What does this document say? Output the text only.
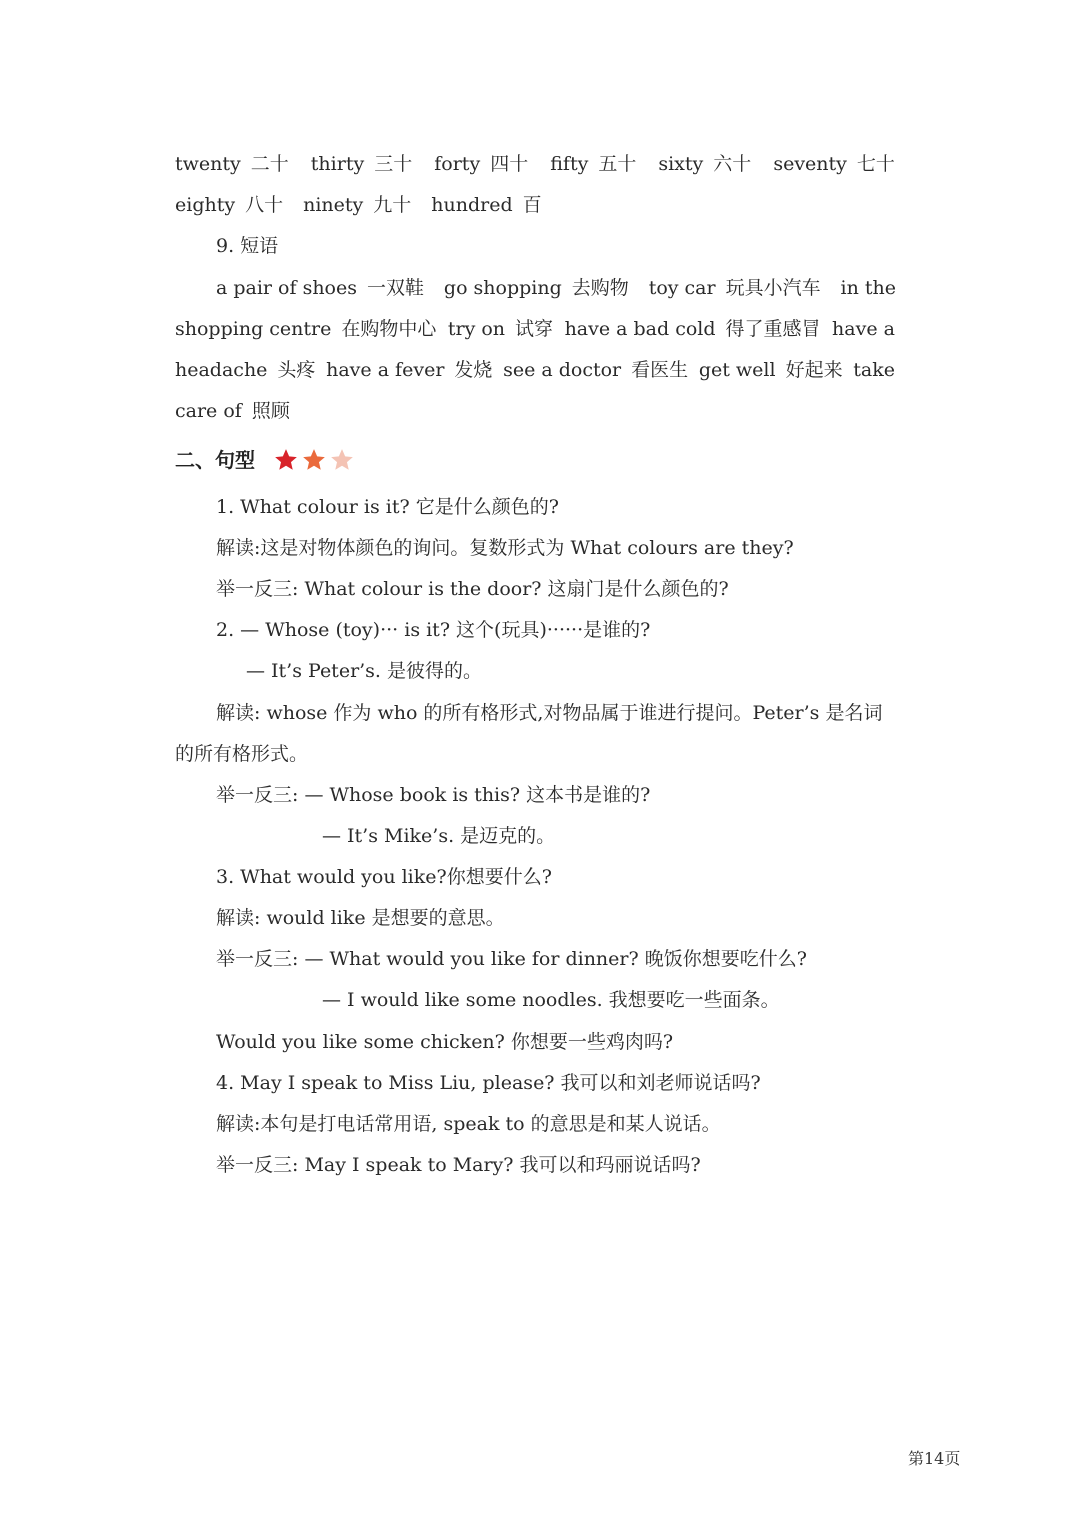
twenty 二十 thirty 三十 forty 四十 fifty 五十 sixty 六十 seventy 七十
eighty 八十 ninety 九十 hundred 百
9. 短语
a pair of shoes 一双鞋 go shopping 去购物 toy car 玩具小汽车 in the
shopping centre 在购物中心 try on 试穿 have a bad cold 得了重感冒 have a
headache 头疼 have a fever 发烧 see a doctor 看医生 get well 好起来 take
care of 照顾
二、句型
1. What colour is it? 它是什么颜色的?
解读:这是对物体颜色的询问。复数形式为 What colours are they?
举一反三: What colour is the door? 这扇门是什么颜色的?
2. — Whose (toy)··· is it? 这个(玩具)······是谁的?
— It’s Peter’s. 是彼得的。
解读: whose 作为 who 的所有格形式,对物品属于谁进行提问。Peter’s 是名词
的所有格形式。
举一反三: — Whose book is this? 这本书是谁的?
— It’s Mike’s. 是迈克的。
3. What would you like?你想要什么?
解读: would like 是想要的意思。
举一反三: — What would you like for dinner? 晚饭你想要吃什么?
— I would like some noodles. 我想要吃一些面条。
Would you like some chicken? 你想要一些鸡肉吗?
4. May I speak to Miss Liu, please? 我可以和刘老师说话吗?
解读:本句是打电话常用语, speak to 的意思是和某人说话。
举一反三: May I speak to Mary? 我可以和玛丽说话吗?
第14页
